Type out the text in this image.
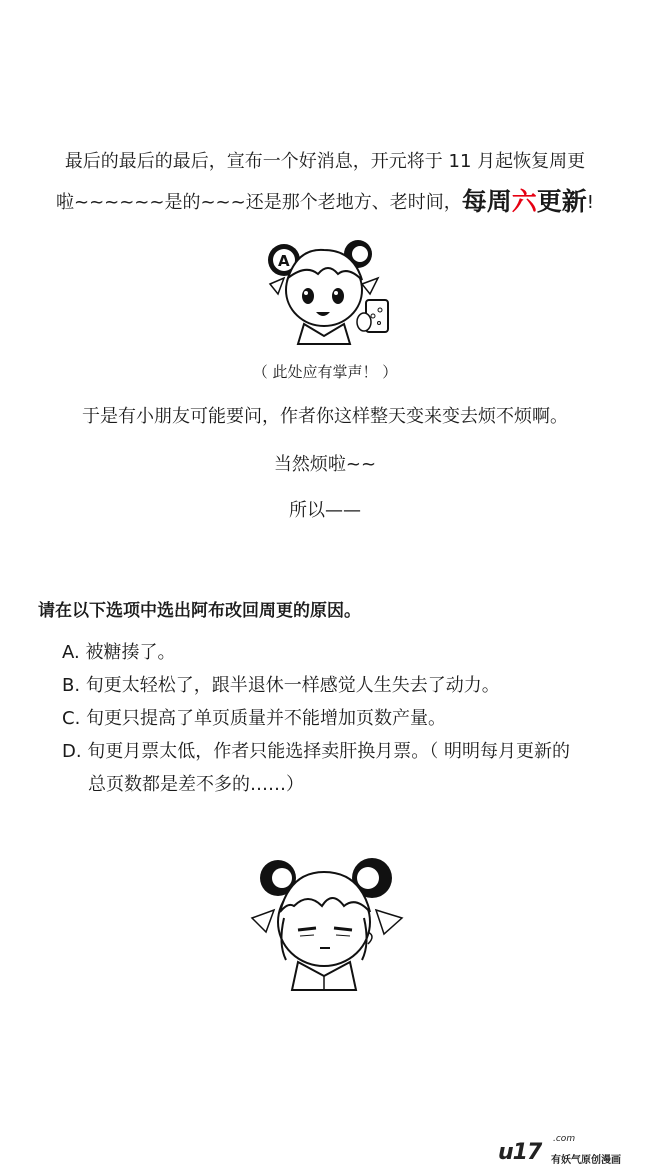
最后的最后的最后，宣布一个好消息，开元将于 11 月起恢复周更
啦~~~~~~是的~~~还是那个老地方、老时间，每周六更新!
A
（ 此处应有掌声！ ）
于是有小朋友可能要问，作者你这样整天变来变去烦不烦啊。
当然烦啦~~
所以——
请在以下选项中选出阿布改回周更的原因。
A. 被糖揍了。
B. 旬更太轻松了，跟半退休一样感觉人生失去了动力。
C. 旬更只提高了单页质量并不能增加页数产量。
D. 旬更月票太低，作者只能选择卖肝换月票。（ 明明每月更新的
总页数都是差不多的……）
u17
.com
有妖气原创漫画
